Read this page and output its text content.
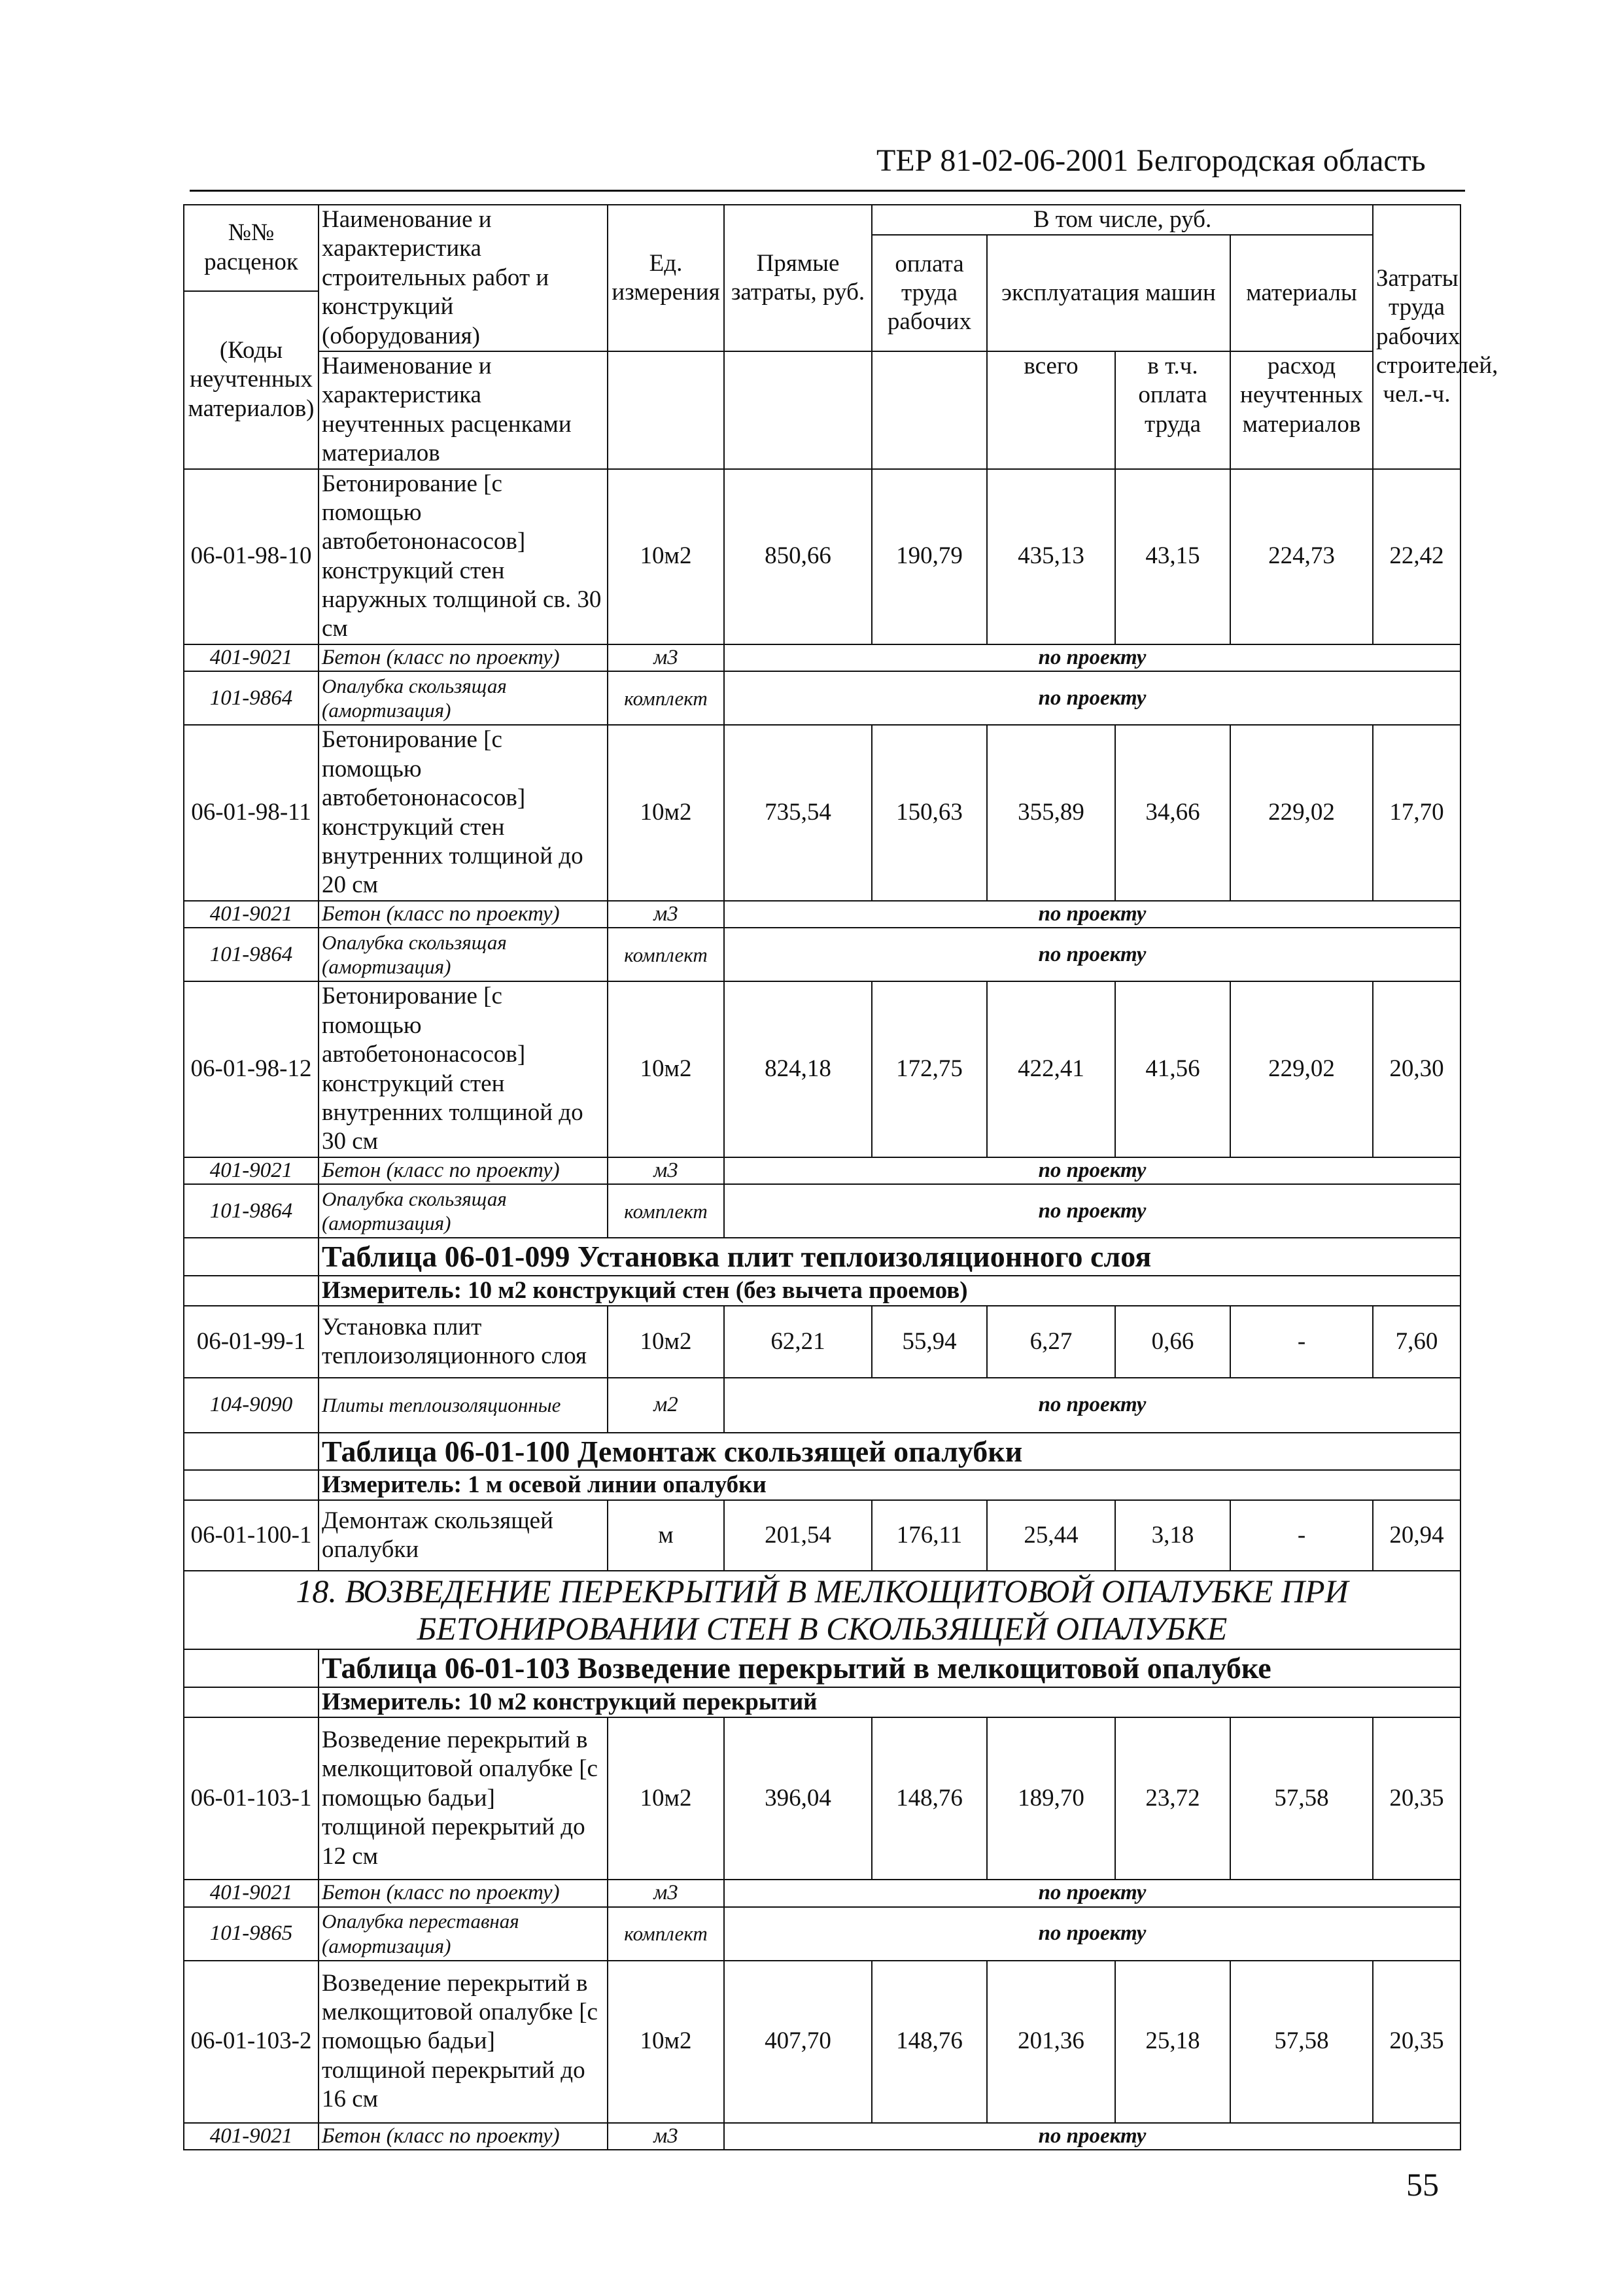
ТЕР 81-02-06-2001 Белгородская область
№№ расценок	Наименование и характеристика строительных работ и конструкций (оборудования)	Ед. измерения	Прямые затраты, руб.	В том числе, руб.				Затраты труда рабочих строителей, чел.-ч.
				оплата труда рабочих	эксплуатация машин		материалы	
(Коды неучтенных материалов)								
	Наименование и характеристика неучтенных расценками материалов				всего	в т.ч. оплата труда	расход неучтенных материалов	

06-01-98-10	Бетонирование [с помощью автобетононасосов] конструкций стен наружных толщиной св. 30 см	10м2	850,66	190,79	435,13	43,15	224,73	22,42
401-9021	Бетон (класс по проекту)	м3	по проекту					
101-9864	Опалубка скользящая (амортизация)	комплект	по проекту					
06-01-98-11	Бетонирование [с помощью автобетононасосов] конструкций стен внутренних толщиной до 20 см	10м2	735,54	150,63	355,89	34,66	229,02	17,70
401-9021	Бетон (класс по проекту)	м3	по проекту					
101-9864	Опалубка скользящая (амортизация)	комплект	по проекту					
06-01-98-12	Бетонирование [с помощью автобетононасосов] конструкций стен внутренних толщиной до 30 см	10м2	824,18	172,75	422,41	41,56	229,02	20,30
401-9021	Бетон (класс по проекту)	м3	по проекту					
101-9864	Опалубка скользящая (амортизация)	комплект	по проекту					
	Таблица 06-01-099 Установка плит теплоизоляционного слоя							
	Измеритель: 10 м2 конструкций стен (без вычета проемов)							
06-01-99-1	Установка плит теплоизоляционного слоя	10м2	62,21	55,94	6,27	0,66	-	7,60
104-9090	Плиты теплоизоляционные	м2	по проекту					
	Таблица 06-01-100 Демонтаж скользящей опалубки							
	Измеритель: 1 м осевой линии опалубки							
06-01-100-1	Демонтаж скользящей опалубки	м	201,54	176,11	25,44	3,18	-	20,94
18. ВОЗВЕДЕНИЕ ПЕРЕКРЫТИЙ В МЕЛКОЩИТОВОЙ ОПАЛУБКЕ ПРИ БЕТОНИРОВАНИИ СТЕН В СКОЛЬЗЯЩЕЙ ОПАЛУБКЕ								
	Таблица 06-01-103 Возведение перекрытий в мелкощитовой опалубке							
	Измеритель: 10 м2 конструкций перекрытий							
06-01-103-1	Возведение перекрытий в мелкощитовой опалубке [с помощью бадьи] толщиной перекрытий до 12 см	10м2	396,04	148,76	189,70	23,72	57,58	20,35
401-9021	Бетон (класс по проекту)	м3	по проекту					
101-9865	Опалубка переставная (амортизация)	комплект	по проекту					
06-01-103-2	Возведение перекрытий в мелкощитовой опалубке [с помощью бадьи] толщиной перекрытий до 16 см	10м2	407,70	148,76	201,36	25,18	57,58	20,35
401-9021	Бетон (класс по проекту)	м3	по проекту					
55
